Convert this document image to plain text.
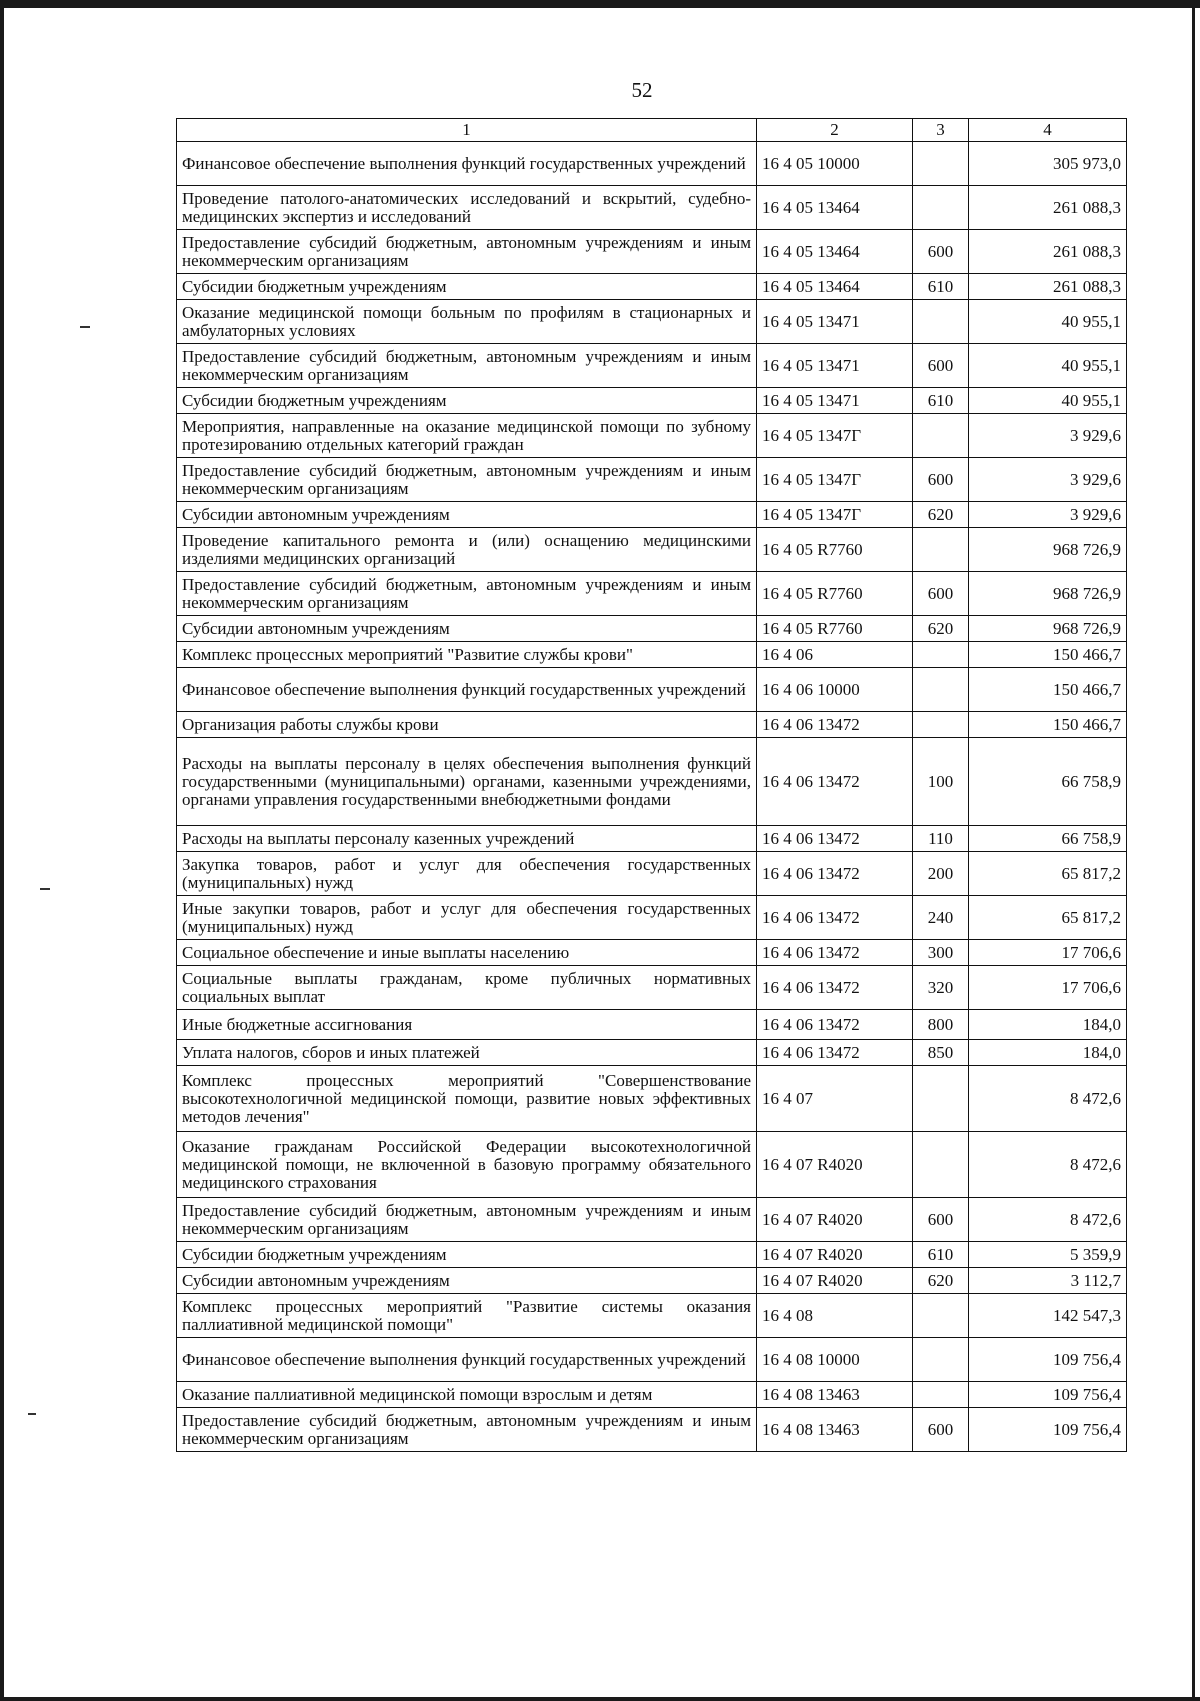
52
1	2	3	4
Финансовое обеспечение выполнения функций государственных учреждений	16 4 05 10000		305 973,0
Проведение патолого-анатомических исследований и вскрытий, судебно-медицинских экспертиз и исследований	16 4 05 13464		261 088,3
Предоставление субсидий бюджетным, автономным учреждениям и иным некоммерческим организациям	16 4 05 13464	600	261 088,3
Субсидии бюджетным учреждениям	16 4 05 13464	610	261 088,3
Оказание медицинской помощи больным по профилям в стационарных и амбулаторных условиях	16 4 05 13471		40 955,1
Предоставление субсидий бюджетным, автономным учреждениям и иным некоммерческим организациям	16 4 05 13471	600	40 955,1
Субсидии бюджетным учреждениям	16 4 05 13471	610	40 955,1
Мероприятия, направленные на оказание медицинской помощи по зубному протезированию отдельных категорий граждан	16 4 05 1347Г		3 929,6
Предоставление субсидий бюджетным, автономным учреждениям и иным некоммерческим организациям	16 4 05 1347Г	600	3 929,6
Субсидии автономным учреждениям	16 4 05 1347Г	620	3 929,6
Проведение капитального ремонта и (или) оснащению медицинскими изделиями медицинских организаций	16 4 05 R7760		968 726,9
Предоставление субсидий бюджетным, автономным учреждениям и иным некоммерческим организациям	16 4 05 R7760	600	968 726,9
Субсидии автономным учреждениям	16 4 05 R7760	620	968 726,9
Комплекс процессных мероприятий "Развитие службы крови"	16 4 06		150 466,7
Финансовое обеспечение выполнения функций государственных учреждений	16 4 06 10000		150 466,7
Организация работы службы крови	16 4 06 13472		150 466,7
Расходы на выплаты персоналу в целях обеспечения выполнения функций государственными (муниципальными) органами, казенными учреждениями, органами управления государственными внебюджетными фондами	16 4 06 13472	100	66 758,9
Расходы на выплаты персоналу казенных учреждений	16 4 06 13472	110	66 758,9
Закупка товаров, работ и услуг для обеспечения государственных (муниципальных) нужд	16 4 06 13472	200	65 817,2
Иные закупки товаров, работ и услуг для обеспечения государственных (муниципальных) нужд	16 4 06 13472	240	65 817,2
Социальное обеспечение и иные выплаты населению	16 4 06 13472	300	17 706,6
Социальные выплаты гражданам, кроме публичных нормативных социальных выплат	16 4 06 13472	320	17 706,6
Иные бюджетные ассигнования	16 4 06 13472	800	184,0
Уплата налогов, сборов и иных платежей	16 4 06 13472	850	184,0
Комплекс процессных мероприятий "Совершенствование высокотехнологичной медицинской помощи, развитие новых эффективных методов лечения"	16 4 07		8 472,6
Оказание гражданам Российской Федерации высокотехнологичной медицинской помощи, не включенной в базовую программу обязательного медицинского страхования	16 4 07 R4020		8 472,6
Предоставление субсидий бюджетным, автономным учреждениям и иным некоммерческим организациям	16 4 07 R4020	600	8 472,6
Субсидии бюджетным учреждениям	16 4 07 R4020	610	5 359,9
Субсидии автономным учреждениям	16 4 07 R4020	620	3 112,7
Комплекс процессных мероприятий "Развитие системы оказания паллиативной медицинской помощи"	16 4 08		142 547,3
Финансовое обеспечение выполнения функций государственных учреждений	16 4 08 10000		109 756,4
Оказание паллиативной медицинской помощи взрослым и детям	16 4 08 13463		109 756,4
Предоставление субсидий бюджетным, автономным учреждениям и иным некоммерческим организациям	16 4 08 13463	600	109 756,4
